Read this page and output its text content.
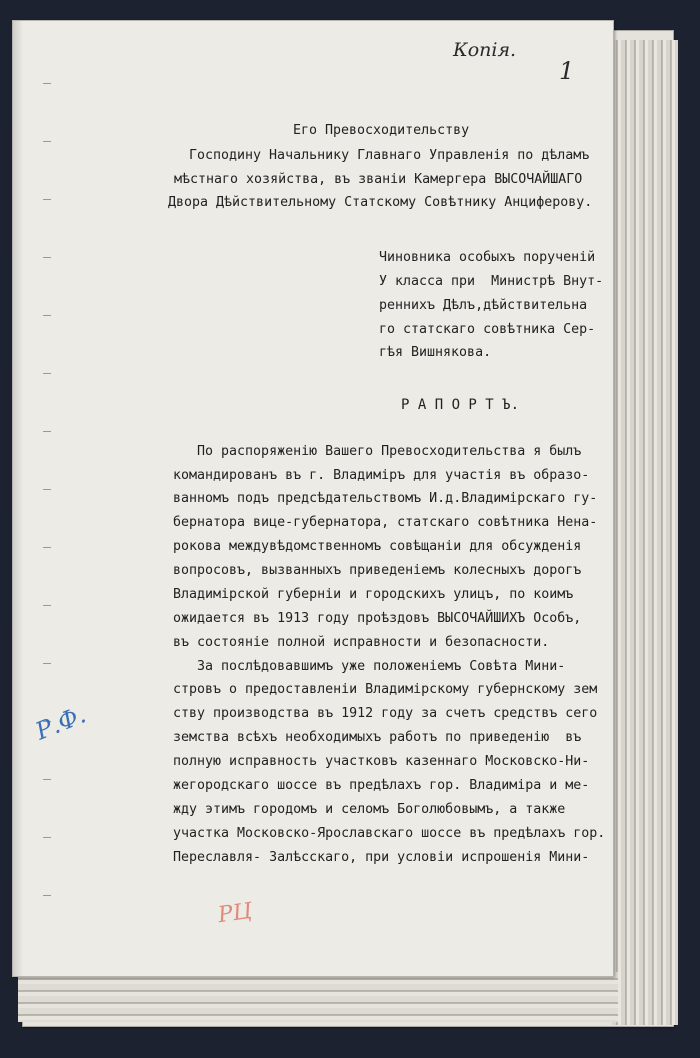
Копія.
1
Его Превосходительству
Господину Начальнику Главнаго Управленія по дѣламъ
мѣстнаго хозяйства, въ званіи Камергера ВЫСОЧАЙШАГО
Двора Дѣйствительному Статскому Совѣтнику Анциферову.
Чиновника особыхъ порученій
У класса при  Министрѣ Внут-
реннихъ Дѣлъ,дѣйствительна
го статскаго совѣтника Сер-
гѣя Вишнякова.
Р А П О Р Т Ъ.
По распоряженію Вашего Превосходительства я былъ
командированъ въ г. Владиміръ для участія въ образо-
ванномъ подъ предсѣдательствомъ И.д.Владимірскаго гу-
бернатора вице-губернатора, статскаго совѣтника Ненa-
рокова междувѣдомственномъ совѣщаніи для обсужденія
вопросовъ, вызванныхъ приведеніемъ колесныхъ дорогъ
Владимірской губерніи и городскихъ улицъ, по коимъ
ожидается въ 1913 году проѣздовъ ВЫСОЧАЙШИХЪ Особъ,
въ состояніе полной исправности и безопасности.
За послѣдовавшимъ уже положеніемъ Совѣта Мини-
стровъ о предоставленіи Владимірскому губернскому зем
ству производства въ 1912 году за счетъ средствъ сего
земства всѣхъ необходимыхъ работъ по приведенію  въ
полную исправность участковъ казеннаго Московско-Ни-
жегородскаго шоссе въ предѣлахъ гор. Владиміра и ме-
жду этимъ городомъ и селомъ Боголюбовымъ, а также
участка Московско-Ярославскаго шоссе въ предѣлахъ гор.
Переславля- Залѣсскаго, при условіи испрошенія Мини-
Р.Ф.
РЦ
